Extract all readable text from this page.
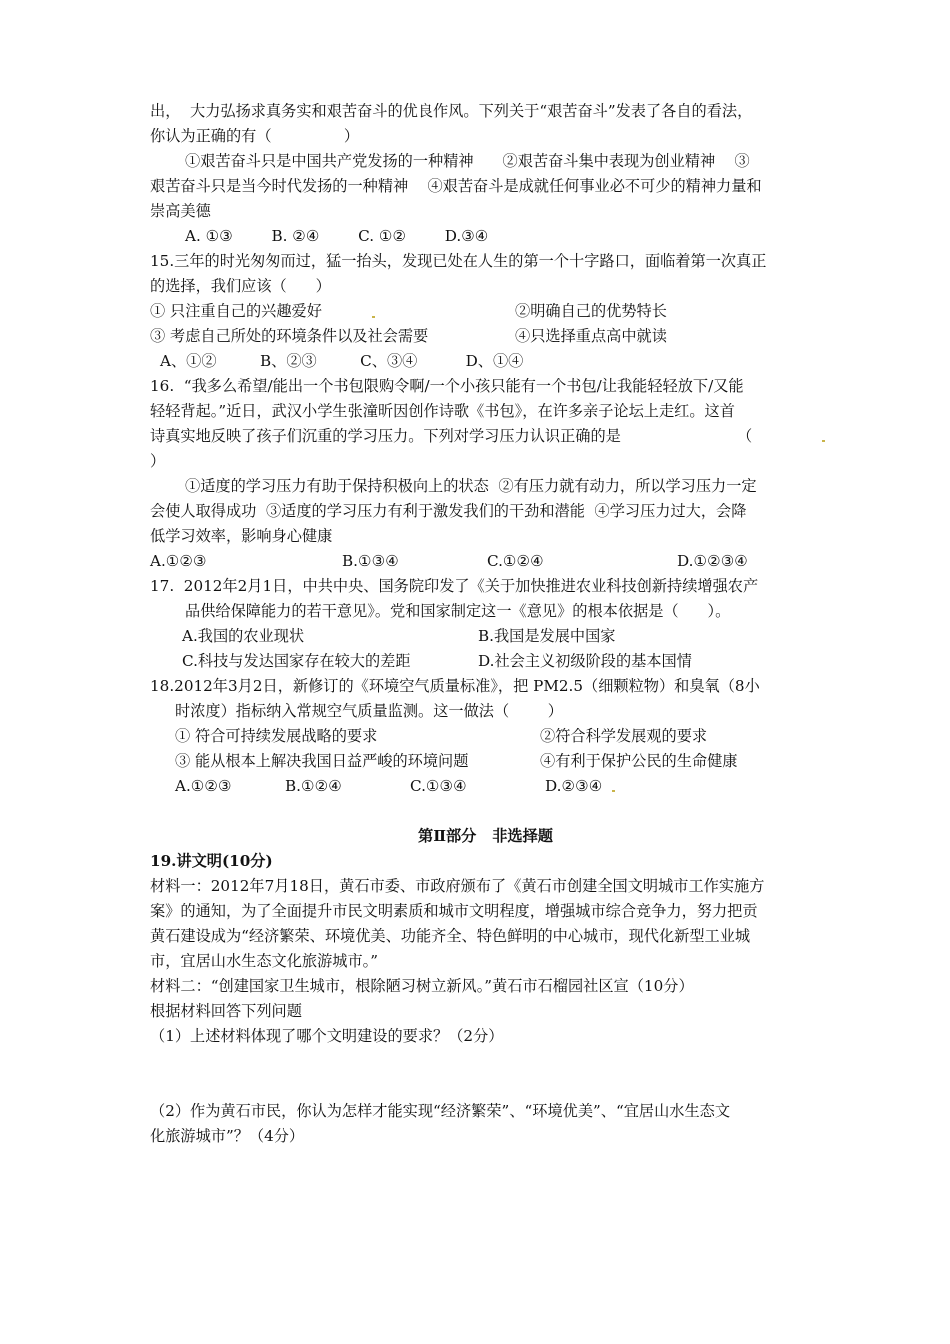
出，  大力弘扬求真务实和艰苦奋斗的优良作风。下列关于“艰苦奋斗”发表了各自的看法，
你认为正确的有（               ）
①艰苦奋斗只是中国共产党发扬的一种精神      ②艰苦奋斗集中表现为创业精神    ③
艰苦奋斗只是当今时代发扬的一种精神    ④艰苦奋斗是成就任何事业必不可少的精神力量和
崇高美德
A. ①③        B. ②④        C. ①②        D.③④
15.三年的时光匆匆而过，猛一抬头，发现已处在人生的第一个十字路口，面临着第一次真正
的选择，我们应该（      ）
① 只注重自己的兴趣爱好	②明确自己的优势特长
③ 考虑自己所处的环境条件以及社会需要	④只选择重点高中就读
A、①②         B、②③         C、③④          D、①④
16.  “我多么希望/能出一个书包限购令啊/一个小孩只能有一个书包/让我能轻轻放下/又能
轻轻背起。”近日，武汉小学生张潼昕因创作诗歌《书包》，在许多亲子论坛上走红。这首
诗真实地反映了孩子们沉重的学习压力。下列对学习压力认识正确的是	（
）
①适度的学习压力有助于保持积极向上的状态  ②有压力就有动力，所以学习压力一定
会使人取得成功  ③适度的学习压力有利于激发我们的干劲和潜能  ④学习压力过大，会降
低学习效率，影响身心健康
A.①②③	B.①③④	C.①②④	D.①②③④
17.  2012年2月1日，中共中央、国务院印发了《关于加快推进农业科技创新持续增强农产
品供给保障能力的若干意见》。党和国家制定这一《意见》的根本依据是（      ）。
A.我国的农业现状	B.我国是发展中国家
C.科技与发达国家存在较大的差距	D.社会主义初级阶段的基本国情
18.2012年3月2日，新修订的《环境空气质量标准》，把 PM2.5（细颗粒物）和臭氧（8小
时浓度）指标纳入常规空气质量监测。这一做法（        ）
① 符合可持续发展战略的要求	②符合科学发展观的要求
③ 能从根本上解决我国日益严峻的环境问题	④有利于保护公民的生命健康
A.①②③	B.①②④	C.①③④	D.②③④
第Ⅱ部分   非选择题
19.讲文明(10分)
材料一：2012年7月18日，黄石市委、市政府颁布了《黄石市创建全国文明城市工作实施方
案》的通知，为了全面提升市民文明素质和城市文明程度，增强城市综合竞争力，努力把贡
黄石建设成为“经济繁荣、环境优美、功能齐全、特色鲜明的中心城市，现代化新型工业城
市，宜居山水生态文化旅游城市。”
材料二：“创建国家卫生城市，根除陋习树立新风。”黄石市石榴园社区宣（10分）
根据材料回答下列问题
（1）上述材料体现了哪个文明建设的要求？（2分）
（2）作为黄石市民，你认为怎样才能实现“经济繁荣”、“环境优美”、“宜居山水生态文
化旅游城市”？（4分）
